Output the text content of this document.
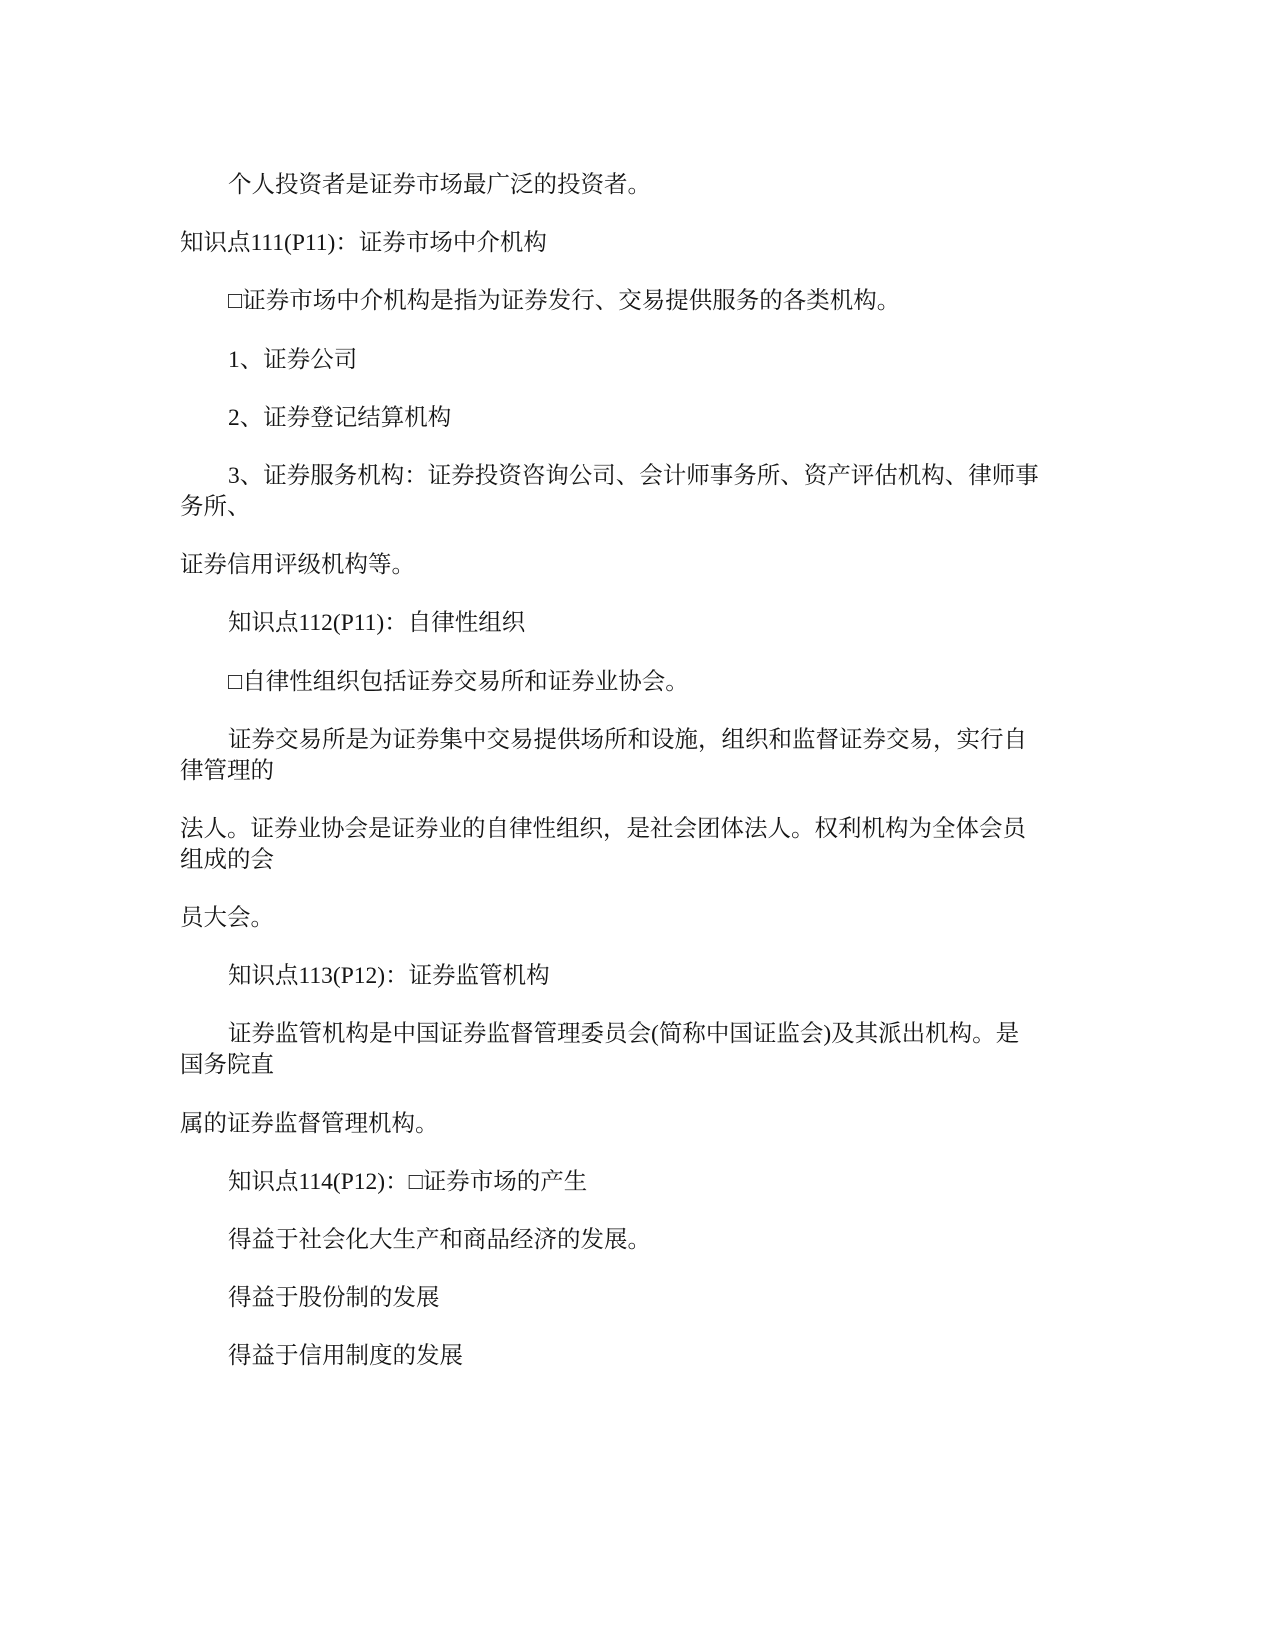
个人投资者是证券市场最广泛的投资者。
知识点111(P11)：证券市场中介机构
□证券市场中介机构是指为证券发行、交易提供服务的各类机构。
1、证券公司
2、证券登记结算机构
3、证券服务机构：证券投资咨询公司、会计师事务所、资产评估机构、律师事
务所、
证券信用评级机构等。
知识点112(P11)：自律性组织
□自律性组织包括证券交易所和证券业协会。
证券交易所是为证券集中交易提供场所和设施，组织和监督证券交易，实行自
律管理的
法人。证券业协会是证券业的自律性组织，是社会团体法人。权利机构为全体会员
组成的会
员大会。
知识点113(P12)：证券监管机构
证券监管机构是中国证券监督管理委员会(简称中国证监会)及其派出机构。是
国务院直
属的证券监督管理机构。
知识点114(P12)：□证券市场的产生
得益于社会化大生产和商品经济的发展。
得益于股份制的发展
得益于信用制度的发展
